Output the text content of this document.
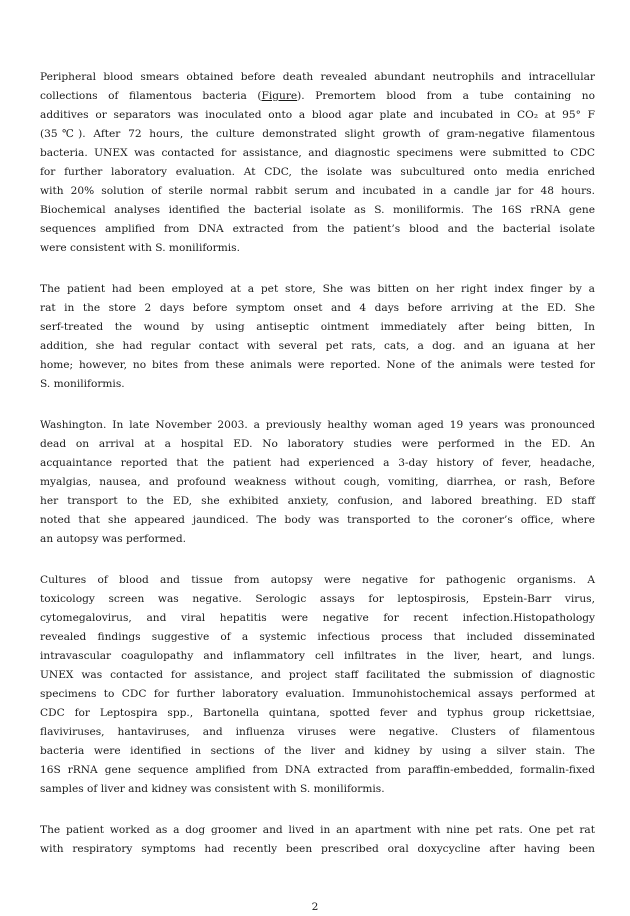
Peripheral blood smears obtained before death revealed abundant neutrophils and intracellular
collections of filamentous bacteria (Figure). Premortem blood from a tube containing no
additives or separators was inoculated onto a blood agar plate and incubated in CO₂ at 95° F
(35℃). After 72 hours, the culture demonstrated slight growth of gram-negative filamentous
bacteria. UNEX was contacted for assistance, and diagnostic specimens were submitted to CDC
for further laboratory evaluation. At CDC, the isolate was subcultured onto media enriched
with 20% solution of sterile normal rabbit serum and incubated in a candle jar for 48 hours.
Biochemical analyses identified the bacterial isolate as S. moniliformis. The 16S rRNA gene
sequences amplified from DNA extracted from the patient’s blood and the bacterial isolate
were consistent with S. moniliformis.
The patient had been employed at a pet store, She was bitten on her right index finger by a
rat in the store 2 days before symptom onset and 4 days before arriving at the ED. She
serf-treated the wound by using antiseptic ointment immediately after being bitten, In
addition, she had regular contact with several pet rats, cats, a dog. and an iguana at her
home; however, no bites from these animals were reported. None of the animals were tested for
S. moniliformis.
Washington. In late November 2003. a previously healthy woman aged 19 years was pronounced
dead on arrival at a hospital ED. No laboratory studies were performed in the ED. An
acquaintance reported that the patient had experienced a 3-day history of fever, headache,
myalgias, nausea, and profound weakness without cough, vomiting, diarrhea, or rash, Before
her transport to the ED, she exhibited anxiety, confusion, and labored breathing. ED staff
noted that she appeared jaundiced. The body was transported to the coroner’s office, where
an autopsy was performed.
Cultures of blood and tissue from autopsy were negative for pathogenic organisms. A
toxicology screen was negative. Serologic assays for leptospirosis, Epstein-Barr virus,
cytomegalovirus, and viral hepatitis were negative for recent infection.Histopathology
revealed findings suggestive of a systemic infectious process that included disseminated
intravascular coagulopathy and inflammatory cell infiltrates in the liver, heart, and lungs.
UNEX was contacted for assistance, and project staff facilitated the submission of diagnostic
specimens to CDC for further laboratory evaluation. Immunohistochemical assays performed at
CDC for Leptospira spp., Bartonella quintana, spotted fever and typhus group rickettsiae,
flaviviruses, hantaviruses, and influenza viruses were negative. Clusters of filamentous
bacteria were identified in sections of the liver and kidney by using a silver stain. The
16S rRNA gene sequence amplified from DNA extracted from paraffin-embedded, formalin-fixed
samples of liver and kidney was consistent with S. moniliformis.
The patient worked as a dog groomer and lived in an apartment with nine pet rats. One pet rat
with respiratory symptoms had recently been prescribed oral doxycycline after having been
2
